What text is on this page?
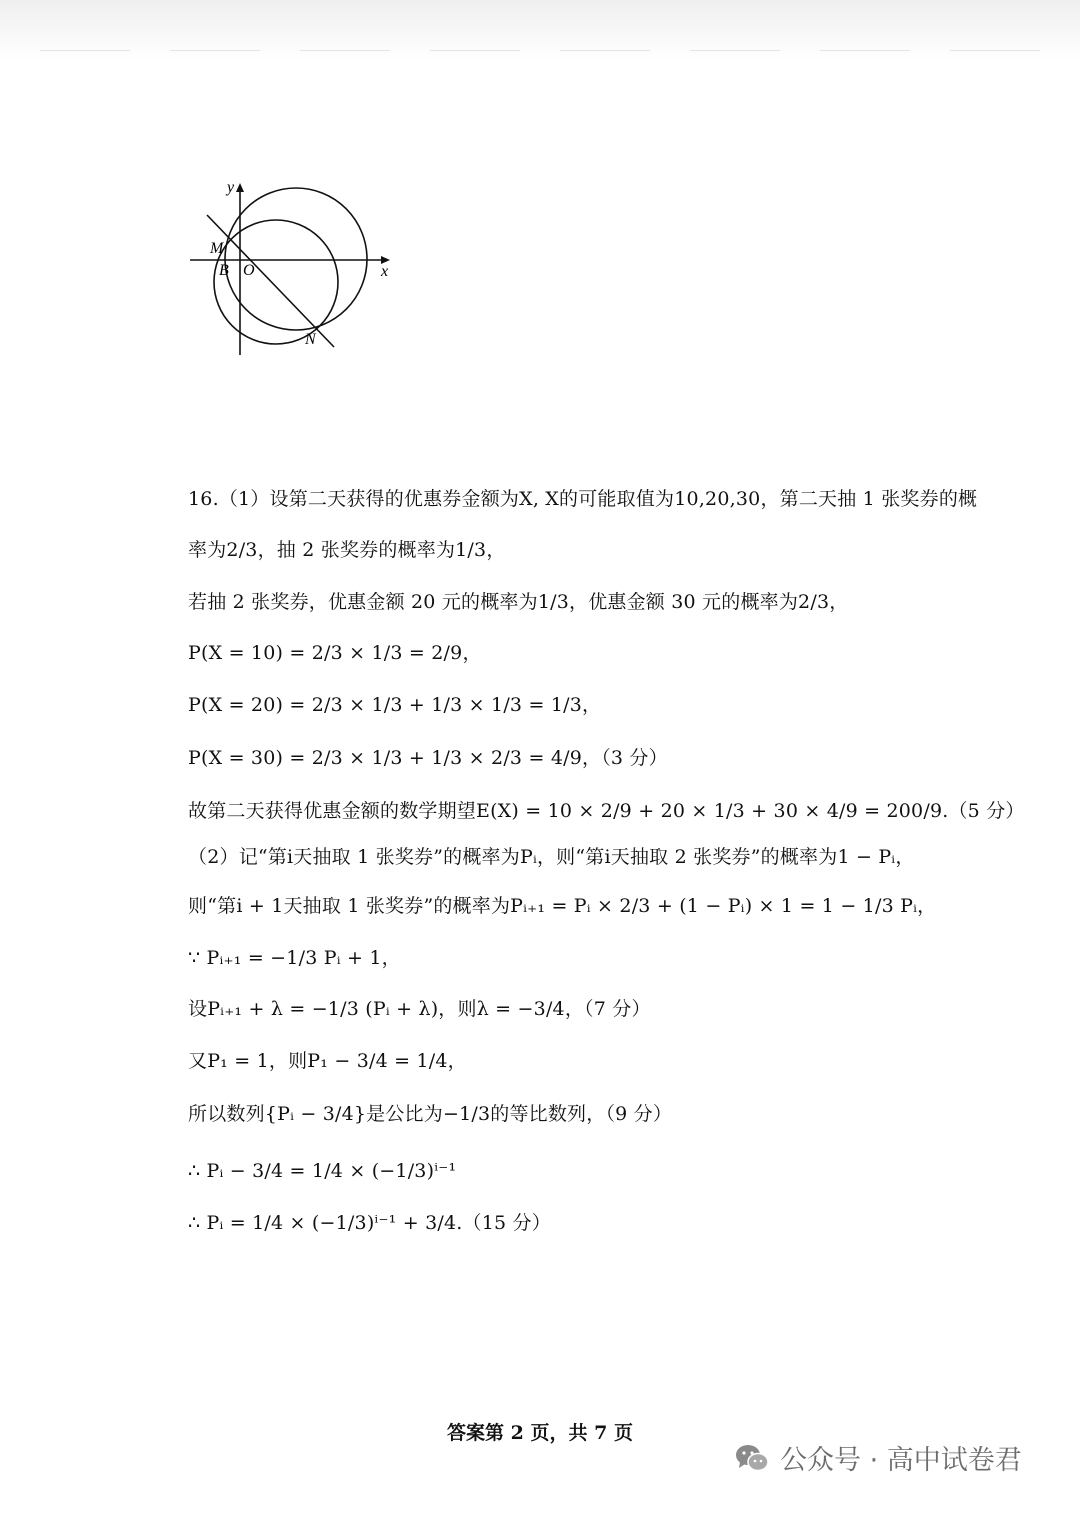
y
x
M
B O
N
16.（1）设第二天获得的优惠券金额为X, X的可能取值为10,20,30，第二天抽 1 张奖券的概
率为2/3，抽 2 张奖券的概率为1/3，
若抽 2 张奖券，优惠金额 20 元的概率为1/3，优惠金额 30 元的概率为2/3，
P(X = 10) = 2/3 × 1/3 = 2/9，
P(X = 20) = 2/3 × 1/3 + 1/3 × 1/3 = 1/3，
P(X = 30) = 2/3 × 1/3 + 1/3 × 2/3 = 4/9，（3 分）
故第二天获得优惠金额的数学期望E(X) = 10 × 2/9 + 20 × 1/3 + 30 × 4/9 = 200/9.（5 分）
（2）记“第i天抽取 1 张奖券”的概率为Pᵢ，则“第i天抽取 2 张奖券”的概率为1 − Pᵢ，
则“第i + 1天抽取 1 张奖券”的概率为Pᵢ₊₁ = Pᵢ × 2/3 + (1 − Pᵢ) × 1 = 1 − 1/3 Pᵢ，
∵ Pᵢ₊₁ = −1/3 Pᵢ + 1，
设Pᵢ₊₁ + λ = −1/3 (Pᵢ + λ)，则λ = −3/4，（7 分）
又P₁ = 1，则P₁ − 3/4 = 1/4，
所以数列{Pᵢ − 3/4}是公比为−1/3的等比数列，（9 分）
∴ Pᵢ − 3/4 = 1/4 × (−1/3)ⁱ⁻¹
∴ Pᵢ = 1/4 × (−1/3)ⁱ⁻¹ + 3/4.（15 分）
答案第 2 页，共 7 页
公众号 · 高中试卷君
